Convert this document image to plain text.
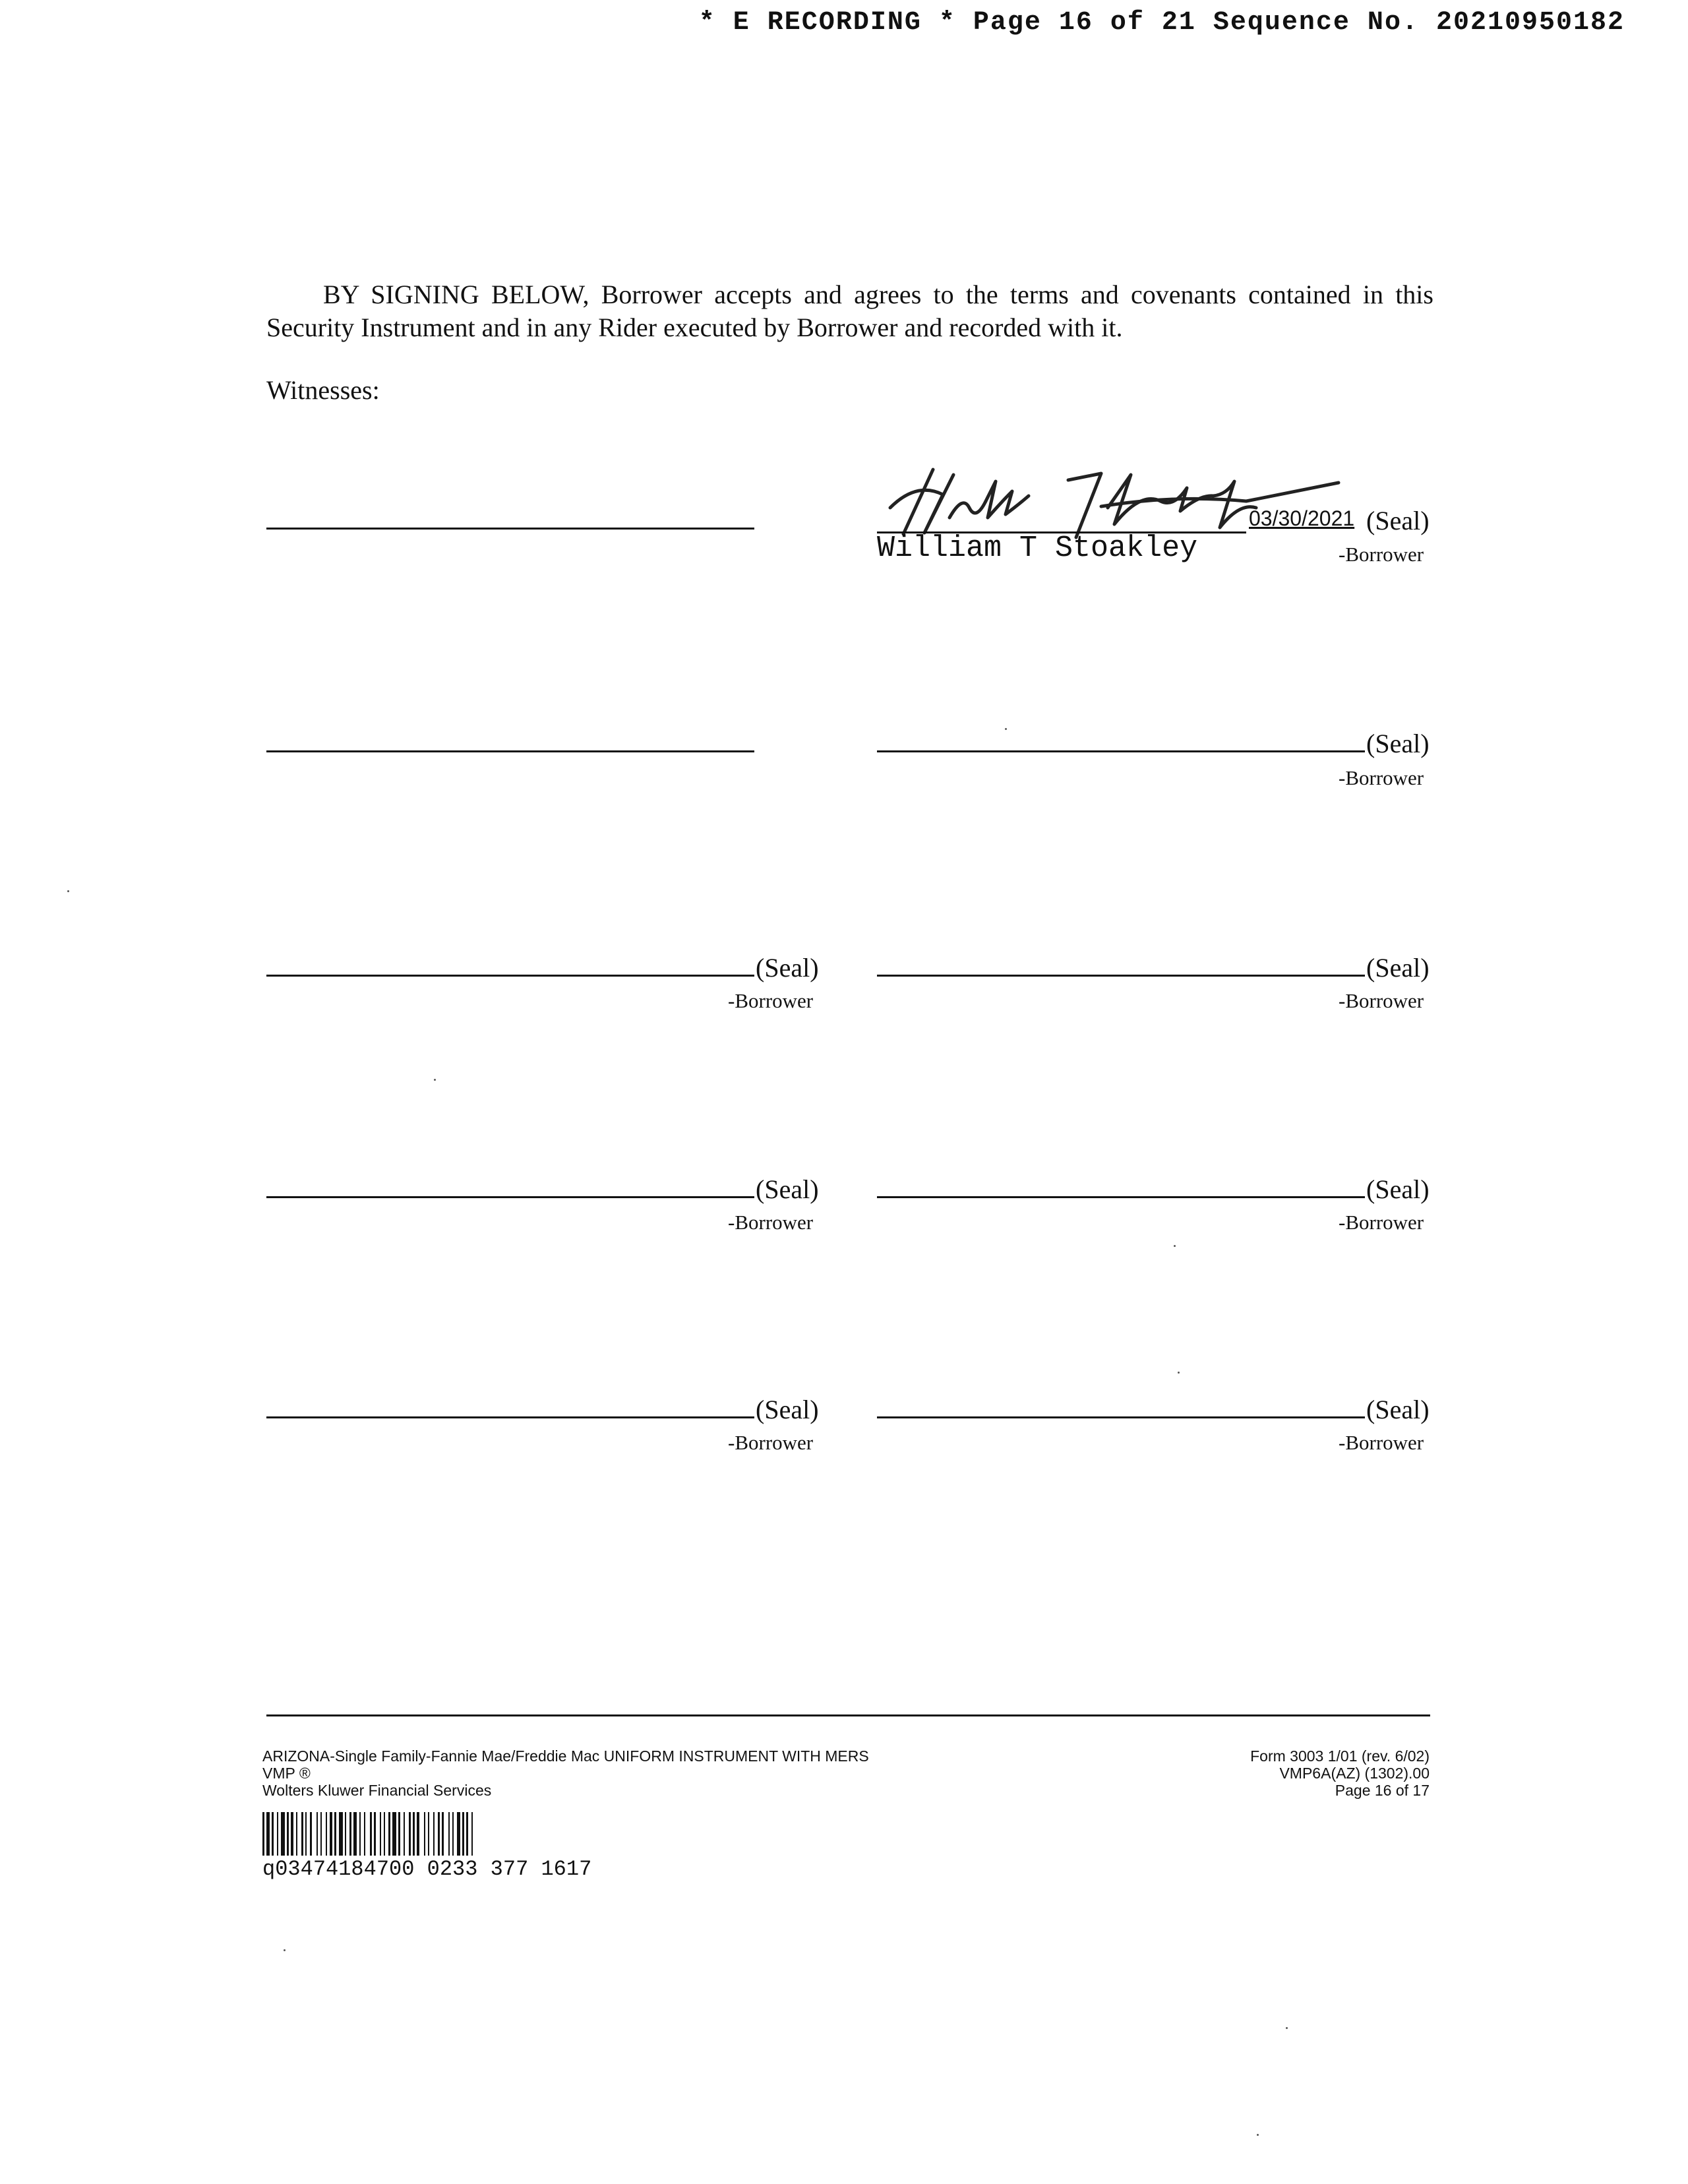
* E RECORDING * Page 16 of 21 Sequence No. 20210950182
BY SIGNING BELOW, Borrower accepts and agrees to the terms and covenants contained in this Security Instrument and in any Rider executed by Borrower and recorded with it.
Witnesses:
03/30/2021 (Seal)
William T Stoakley	-Borrower
(Seal)
-Borrower
(Seal)
-Borrower
(Seal)
-Borrower
(Seal)
-Borrower
(Seal)
-Borrower
(Seal)
-Borrower
(Seal)
-Borrower
ARIZONA-Single Family-Fannie Mae/Freddie Mac UNIFORM INSTRUMENT WITH MERS
VMP ®
Wolters Kluwer Financial Services
Form 3003 1/01 (rev. 6/02)
VMP6A(AZ) (1302).00
Page 16 of 17
q03474184700 0233 377 1617
